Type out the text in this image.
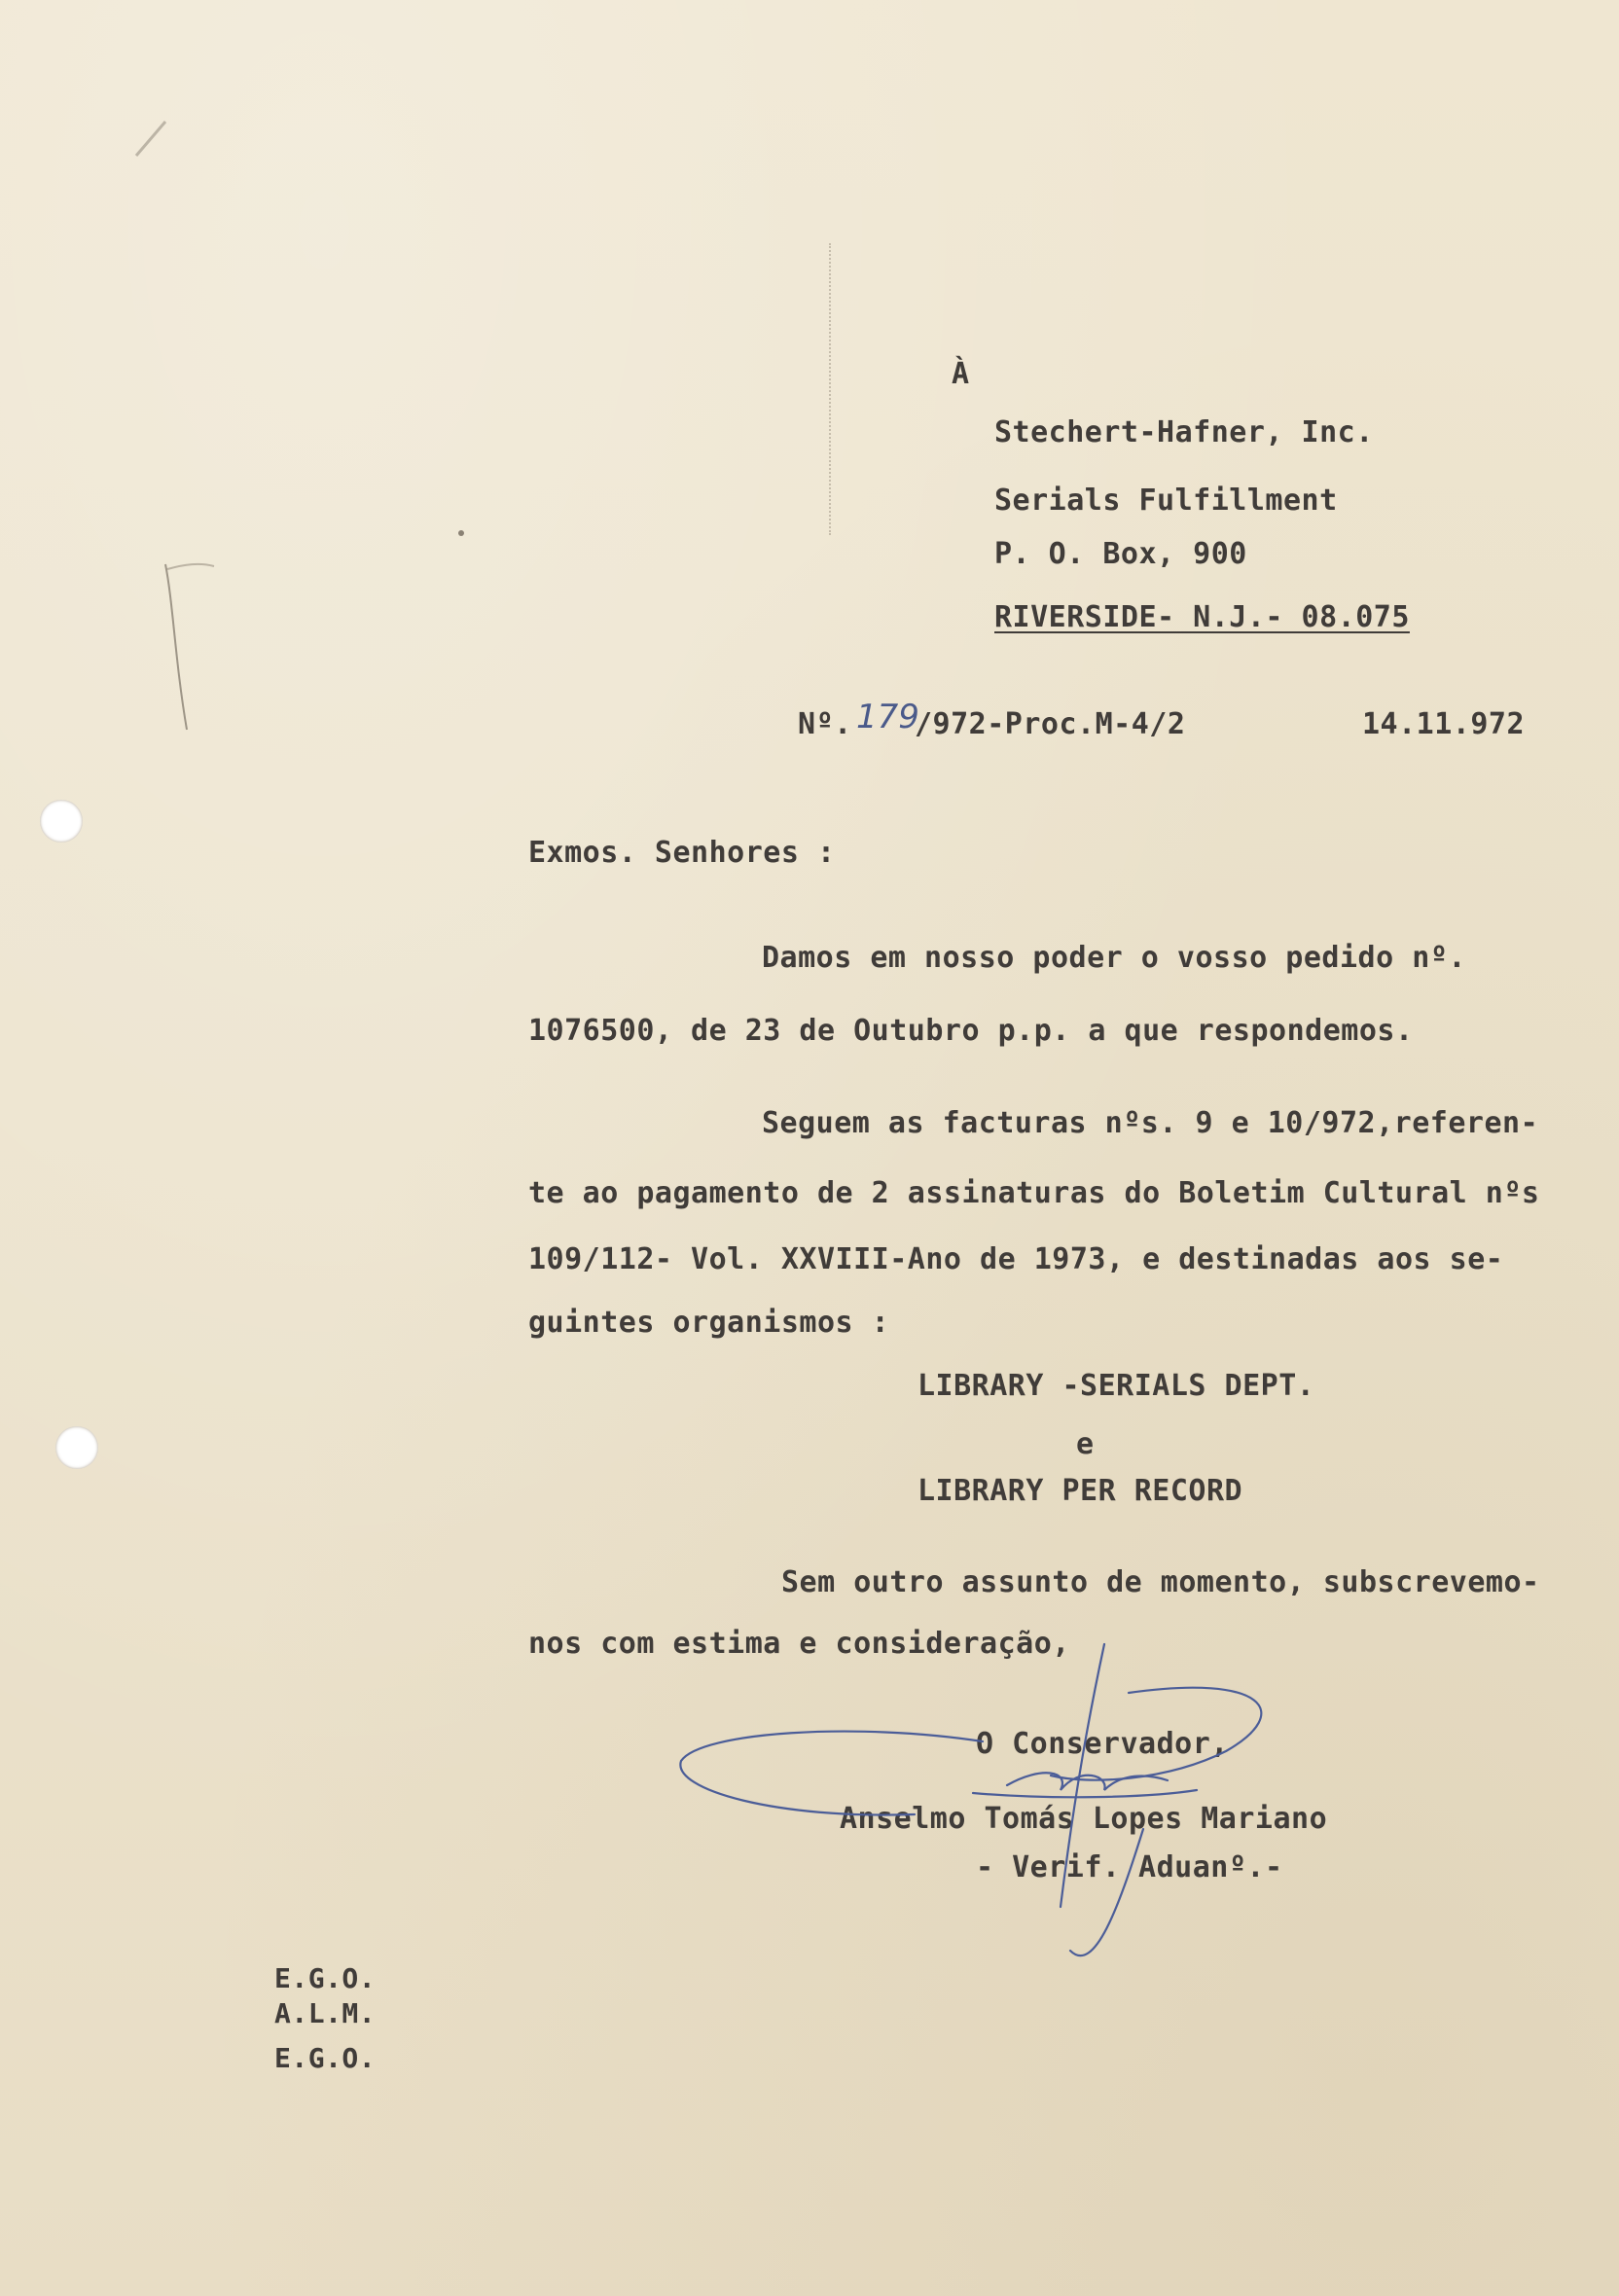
À
Stechert-Hafner, Inc.
Serials Fulfillment
P. O. Box, 900
RIVERSIDE- N.J.- 08.075
Nº. 179
/972-Proc.M-4/2	14.11.972
Exmos. Senhores :
Damos em nosso poder o vosso pedido nº.
1076500, de 23 de Outubro p.p. a que respondemos.
Seguem as facturas nºs. 9 e 10/972,referen-
te ao pagamento de 2 assinaturas do Boletim Cultural nºs
109/112- Vol. XXVIII-Ano de 1973, e destinadas aos se-
guintes organismos :
LIBRARY -SERIALS DEPT.
e
LIBRARY PER RECORD
Sem outro assunto de momento, subscrevemo-
nos com estima e consideração,
O Conservador,
Anselmo Tomás Lopes Mariano
- Verif. Aduanº.-
E.G.O.
A.L.M.
E.G.O.
